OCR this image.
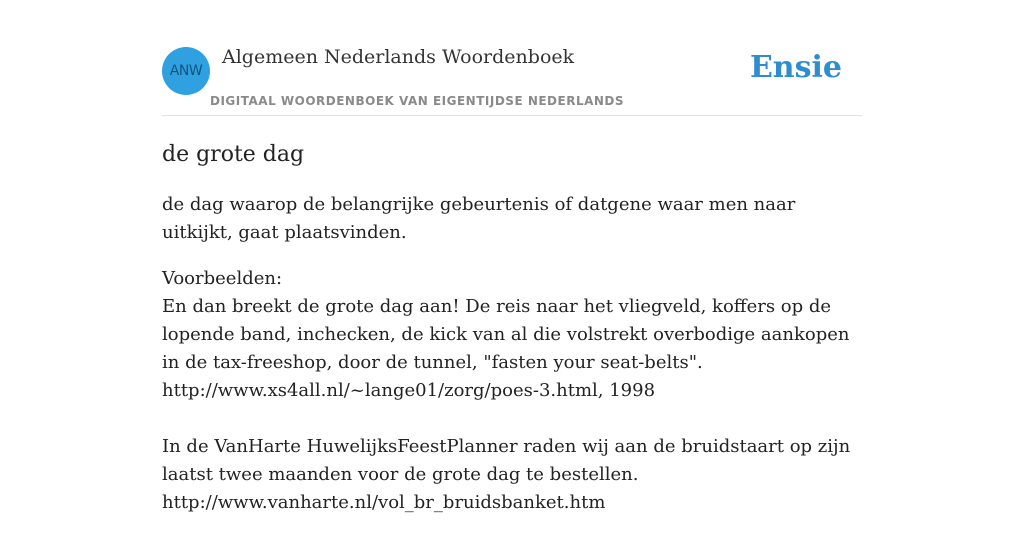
ANW
Algemeen Nederlands Woordenboek
DIGITAAL WOORDENBOEK VAN EIGENTIJDSE NEDERLANDS
Ensie
de grote dag

de dag waarop de belangrijke gebeurtenis of datgene waar men naar uitkijkt, gaat plaatsvinden.

Voorbeelden:
En dan breekt de grote dag aan! De reis naar het vliegveld, koffers op de lopende band, inchecken, de kick van al die volstrekt overbodige aankopen in de tax-freeshop, door de tunnel, "fasten your seat-belts".
http://www.xs4all.nl/~lange01/zorg/poes-3.html, 1998
In de VanHarte HuwelijksFeestPlanner raden wij aan de bruidstaart op zijn laatst twee maanden voor de grote dag te bestellen.
http://www.vanharte.nl/vol_br_bruidsbanket.htm
